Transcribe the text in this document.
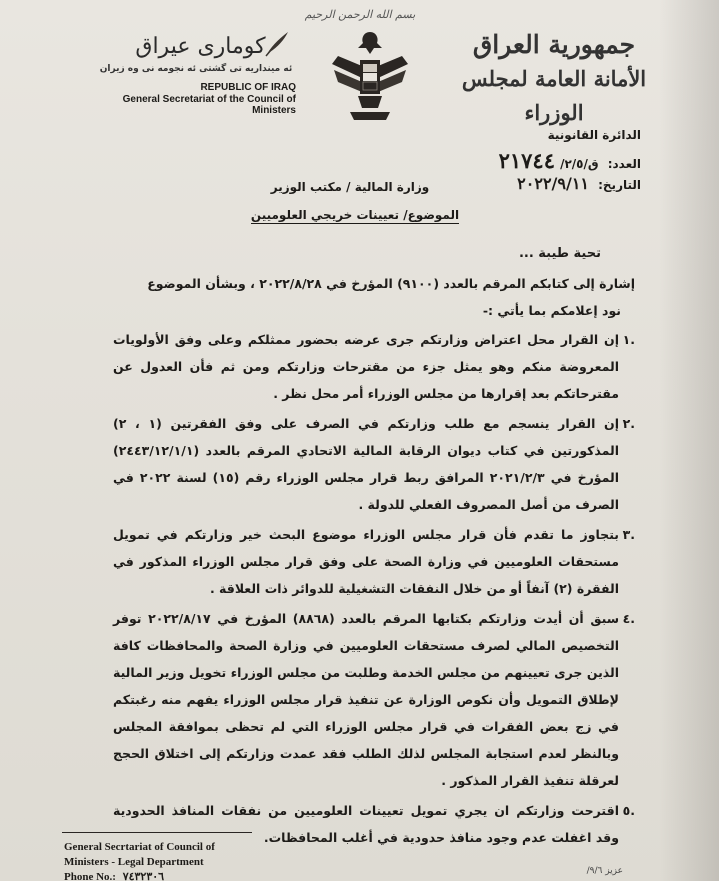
بسم الله الرحمن الرحيم
جمهورية العراق
الأمانة العامة لمجلس الوزراء
كوماری عیراق
ئه مینداریه تی گشتی ئه نجومه نی وه زیران
REPUBLIC OF IRAQ
General Secretariat of the Council of Ministers
الدائرة القانونية
العدد: ق/٢/٥/ ٢١٧٤٤
التاريخ: ٢٠٢٢/٩/١١
وزارة المالية / مكتب الوزير
الموضوع/ تعيينات خريجي العلوميين
تحية طيبة ...
إشارة إلى كتابكم المرقم بالعدد (٩١٠٠) المؤرخ في ٢٠٢٢/٨/٢٨ ، وبشأن الموضوع
نود إعلامكم بما يأتي :-
.١
إن القرار محل اعتراض وزارتكم جرى عرضه بحضور ممثلكم وعلى وفق الأولويات المعروضة منكم وهو يمثل جزء من مقترحات وزارتكم ومن ثم فأن العدول عن مقترحاتكم بعد إقرارها من مجلس الوزراء أمر محل نظر .
.٢
إن القرار ينسجم مع طلب وزارتكم في الصرف على وفق الفقرتين (١ ، ٢) المذكورتين في كتاب ديوان الرقابة المالية الاتحادي المرقم بالعدد (٢٤٤٣/١٢/١/١) المؤرخ في ٢٠٢١/٢/٣ المرافق ربط قرار مجلس الوزراء رقم (١٥) لسنة ٢٠٢٢ في الصرف من أصل المصروف الفعلي للدولة .
.٣
بتجاوز ما تقدم فأن قرار مجلس الوزراء موضوع البحث خير وزارتكم في تمويل مستحقات العلوميين في وزارة الصحة على وفق قرار مجلس الوزراء المذكور في الفقرة (٢) آنفاً أو من خلال النفقات التشغيلية للدوائر ذات العلاقة .
.٤
سبق أن أيدت وزارتكم بكتابها المرقم بالعدد (٨٨٦٨) المؤرخ في ٢٠٢٢/٨/١٧ توفر التخصيص المالي لصرف مستحقات العلوميين في وزارة الصحة والمحافظات كافة الذين جرى تعيينهم من مجلس الخدمة وطلبت من مجلس الوزراء تخويل وزير المالية لإطلاق التمويل وأن نكوص الوزارة عن تنفيذ قرار مجلس الوزراء يفهم منه رغبتكم في زج بعض الفقرات في قرار مجلس الوزراء التي لم تحظى بموافقة المجلس وبالنظر لعدم استجابة المجلس لذلك الطلب فقد عمدت وزارتكم إلى اختلاق الحجج لعرقلة تنفيذ القرار المذكور .
.٥
اقترحت وزارتكم ان يجري تمويل تعيينات العلوميين من نفقات المنافذ الحدودية وقد اغفلت عدم وجود منافذ حدودية في أغلب المحافظات.
General Secrtariat of Council of
Ministers - Legal Department
Phone No.: ٧٤٣٢٣٠٦	عزيز ٩/٦/
